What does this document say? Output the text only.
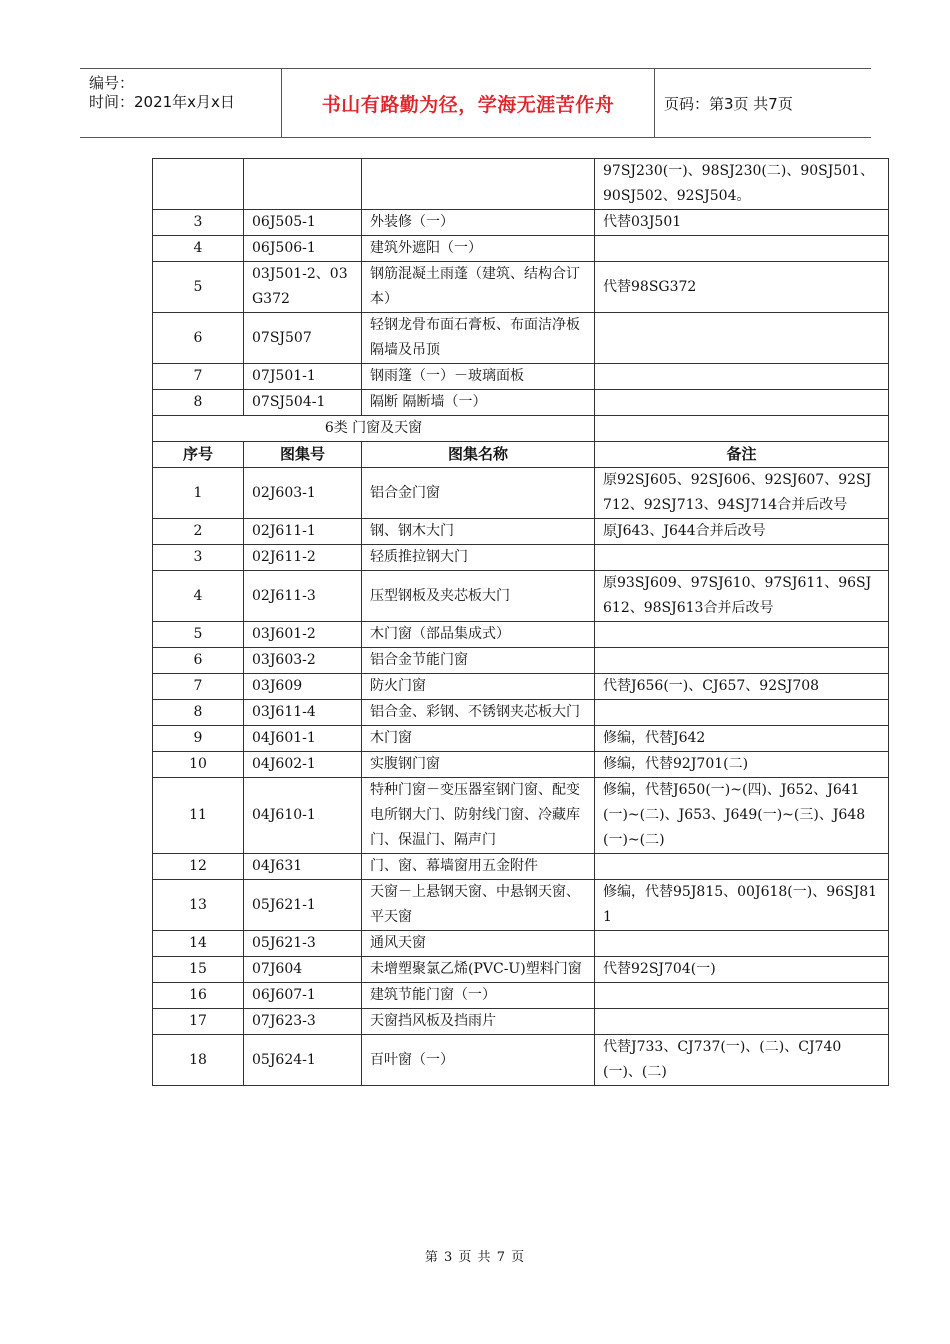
编号：
时间：2021年x月x日	书山有路勤为径，学海无涯苦作舟	页码：第3页 共7页
			97SJ230(一)、98SJ230(二)、90SJ501、90SJ502、92SJ504。
3	06J505-1	外装修（一）	代替03J501
4	06J506-1	建筑外遮阳（一）	
5	03J501-2、03G372	钢筋混凝土雨蓬（建筑、结构合订本）	代替98SG372
6	07SJ507	轻钢龙骨布面石膏板、布面洁净板隔墙及吊顶	
7	07J501-1	钢雨篷（一）－玻璃面板	
8	07SJ504-1	隔断 隔断墙（一）	
6类 门窗及天窗			
序号	图集号	图集名称	备注
1	02J603-1	铝合金门窗	原92SJ605、92SJ606、92SJ607、92SJ712、92SJ713、94SJ714合并后改号
2	02J611-1	钢、钢木大门	原J643、J644合并后改号
3	02J611-2	轻质推拉钢大门	
4	02J611-3	压型钢板及夹芯板大门	原93SJ609、97SJ610、97SJ611、96SJ612、98SJ613合并后改号
5	03J601-2	木门窗（部品集成式）	
6	03J603-2	铝合金节能门窗	
7	03J609	防火门窗	代替J656(一)、CJ657、92SJ708
8	03J611-4	铝合金、彩钢、不锈钢夹芯板大门	
9	04J601-1	木门窗	修编，代替J642
10	04J602-1	实腹钢门窗	修编，代替92J701(二)
11	04J610-1	特种门窗－变压器室钢门窗、配变电所钢大门、防射线门窗、冷藏库门、保温门、隔声门	修编，代替J650(一)~(四)、J652、J641(一)~(二)、J653、J649(一)~(三)、J648(一)~(二)
12	04J631	门、窗、幕墙窗用五金附件	
13	05J621-1	天窗－上悬钢天窗、中悬钢天窗、平天窗	修编，代替95J815、00J618(一)、96SJ811
14	05J621-3	通风天窗	
15	07J604	未增塑聚氯乙烯(PVC-U)塑料门窗	代替92SJ704(一)
16	06J607-1	建筑节能门窗（一）	
17	07J623-3	天窗挡风板及挡雨片	
18	05J624-1	百叶窗（一）	代替J733、CJ737(一)、(二)、CJ740(一)、(二)
第 3 页 共 7 页
